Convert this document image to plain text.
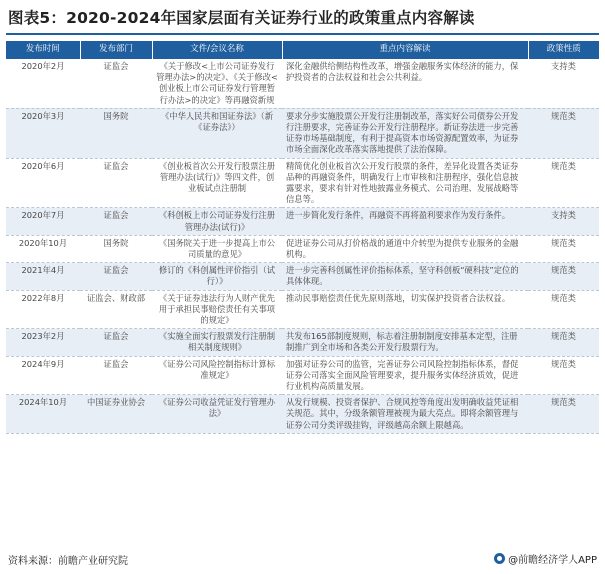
图表5：2020-2024年国家层面有关证券行业的政策重点内容解读
发布时间	发布部门	文件/会议名称	重点内容解读	政策性质
2020年2月	证监会	《关于修改<上市公司证券发行管理办法>的决定》、《关于修改<创业板上市公司证券发行管理暂行办法>的决定》等再融资新规	深化金融供给侧结构性改革，增强金融服务实体经济的能力，保护投资者的合法权益和社会公共利益。	支持类
2020年3月	国务院	《中华人民共和国证券法》（新《证券法》）	要求分步实施股票公开发行注册制改革，落实好公司债券公开发行注册要求，完善证券公开发行注册程序。新证券法进一步完善证券市场基础制度，有利于提高资本市场资源配置效率，为证券市场全面深化改革落实落地提供了法治保障。	规范类
2020年6月	证监会	《创业板首次公开发行股票注册管理办法(试行)》等四文件，创业板试点注册制	精简优化创业板首次公开发行股票的条件，差异化设置各类证券品种的再融资条件，明确发行上市审核和注册程序，强化信息披露要求，要求有针对性地披露业务模式、公司治理、发展战略等信息等。	规范类
2020年7月	证监会	《科创板上市公司证券发行注册管理办法(试行)》	进一步简化发行条件，再融资不再将盈利要求作为发行条件。	支持类
2020年10月	国务院	《国务院关于进一步提高上市公司质量的意见》	促进证券公司从打价格战的通道中介转型为提供专业服务的金融机构。	规范类
2021年4月	证监会	修订的《科创属性评价指引（试行）》	进一步完善科创属性评价指标体系，坚守科创板“硬科技”定位的具体体现。	规范类
2022年8月	证监会、财政部	《关于证券违法行为人财产优先用于承担民事赔偿责任有关事项的规定》	推动民事赔偿责任优先原则落地，切实保护投资者合法权益。	规范类
2023年2月	证监会	《实施全面实行股票发行注册制相关制度规则》	共发布165部制度规则，标志着注册制制度安排基本定型，注册制推广到全市场和各类公开发行股票行为。	规范类
2024年9月	证监会	《证券公司风险控制指标计算标准规定》	加强对证券公司的监管，完善证券公司风险控制指标体系，督促证券公司落实全面风险管理要求，提升服务实体经济质效，促进行业机构高质量发展。	规范类
2024年10月	中国证券业协会	《证券公司收益凭证发行管理办法》	从发行规模、投资者保护、合规风控等角度出发明确收益凭证相关规范。其中，分级条额管理被视为最大亮点。即将余额管理与证券公司分类评级挂钩，评级越高余额上限越高。	规范类
资料来源：前瞻产业研究院	@前瞻经济学人APP
